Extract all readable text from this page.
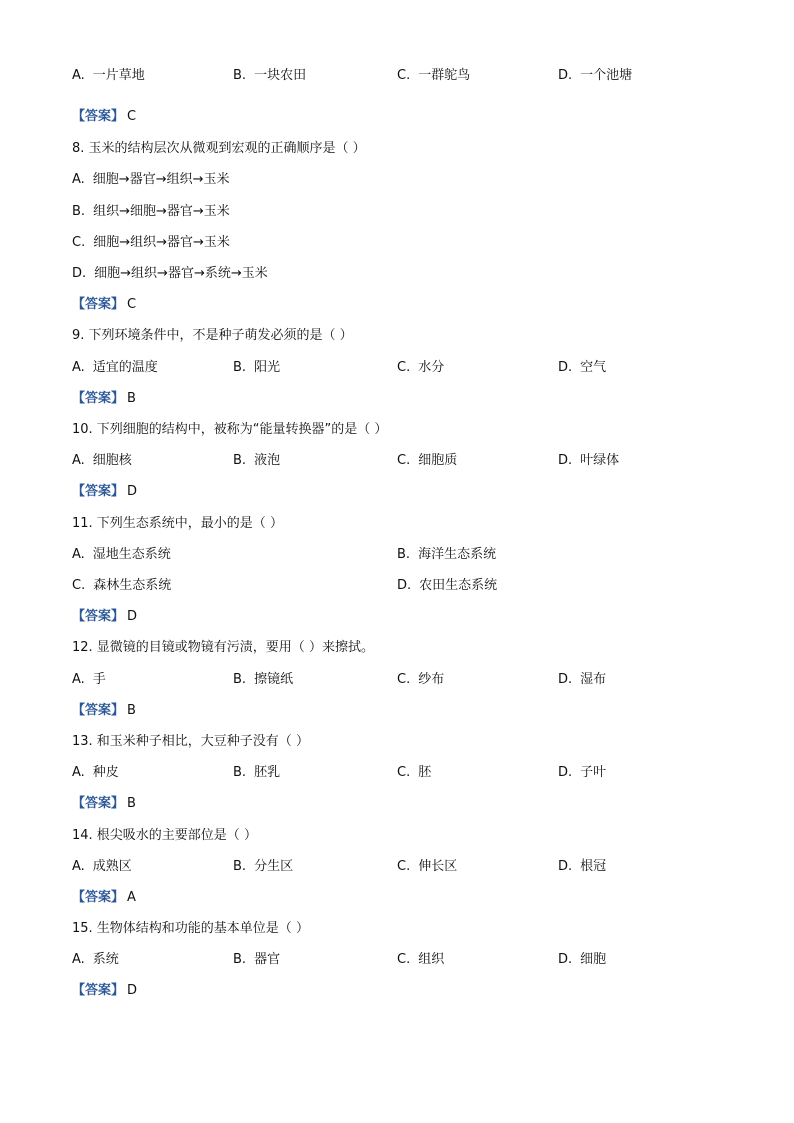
A. 一片草地	B. 一块农田	C. 一群鸵鸟	D. 一个池塘
【答案】 C
8. 玉米的结构层次从微观到宏观的正确顺序是（ ）
A. 细胞→器官→组织→玉米
B. 组织→细胞→器官→玉米
C. 细胞→组织→器官→玉米
D. 细胞→组织→器官→系统→玉米
【答案】 C
9. 下列环境条件中，不是种子萌发必须的是（ ）
A. 适宜的温度	B. 阳光	C. 水分	D. 空气
【答案】 B
10. 下列细胞的结构中，被称为“能量转换器”的是（ ）
A. 细胞核	B. 液泡	C. 细胞质	D. 叶绿体
【答案】 D
11. 下列生态系统中，最小的是（ ）
A. 湿地生态系统	B. 海洋生态系统
C. 森林生态系统	D. 农田生态系统
【答案】 D
12. 显微镜的目镜或物镜有污渍，要用（ ）来擦拭。
A. 手	B. 擦镜纸	C. 纱布	D. 湿布
【答案】 B
13. 和玉米种子相比，大豆种子没有（ ）
A. 种皮	B. 胚乳	C. 胚	D. 子叶
【答案】 B
14. 根尖吸水的主要部位是（ ）
A. 成熟区	B. 分生区	C. 伸长区	D. 根冠
【答案】 A
15. 生物体结构和功能的基本单位是（ ）
A. 系统	B. 器官	C. 组织	D. 细胞
【答案】 D
